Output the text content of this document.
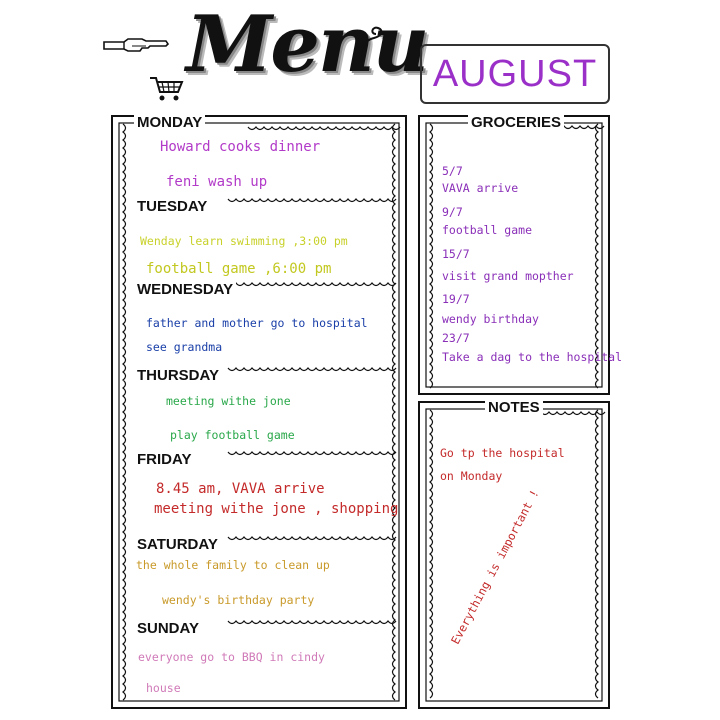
Menu AUGUST
MONDAY
TUESDAY
WEDNESDAY
THURSDAY
FRIDAY
SATURDAY
SUNDAY
Howard cooks dinner
feni wash up
Wenday learn swimming ,3:00 pm
football game ,6:00 pm
father and mother go to hospital
see grandma
meeting withe jone
play football game
8.45 am, VAVA arrive
meeting withe jone , shopping
the whole family to clean up
wendy's birthday party
everyone go to BBQ in cindy
house
GROCERIES
5/7
VAVA arrive
9/7
football game
15/7
visit grand mopther
19/7
wendy birthday
23/7
Take a dag to the hospital
NOTES
Go tp the hospital
on Monday
Everything is important !
